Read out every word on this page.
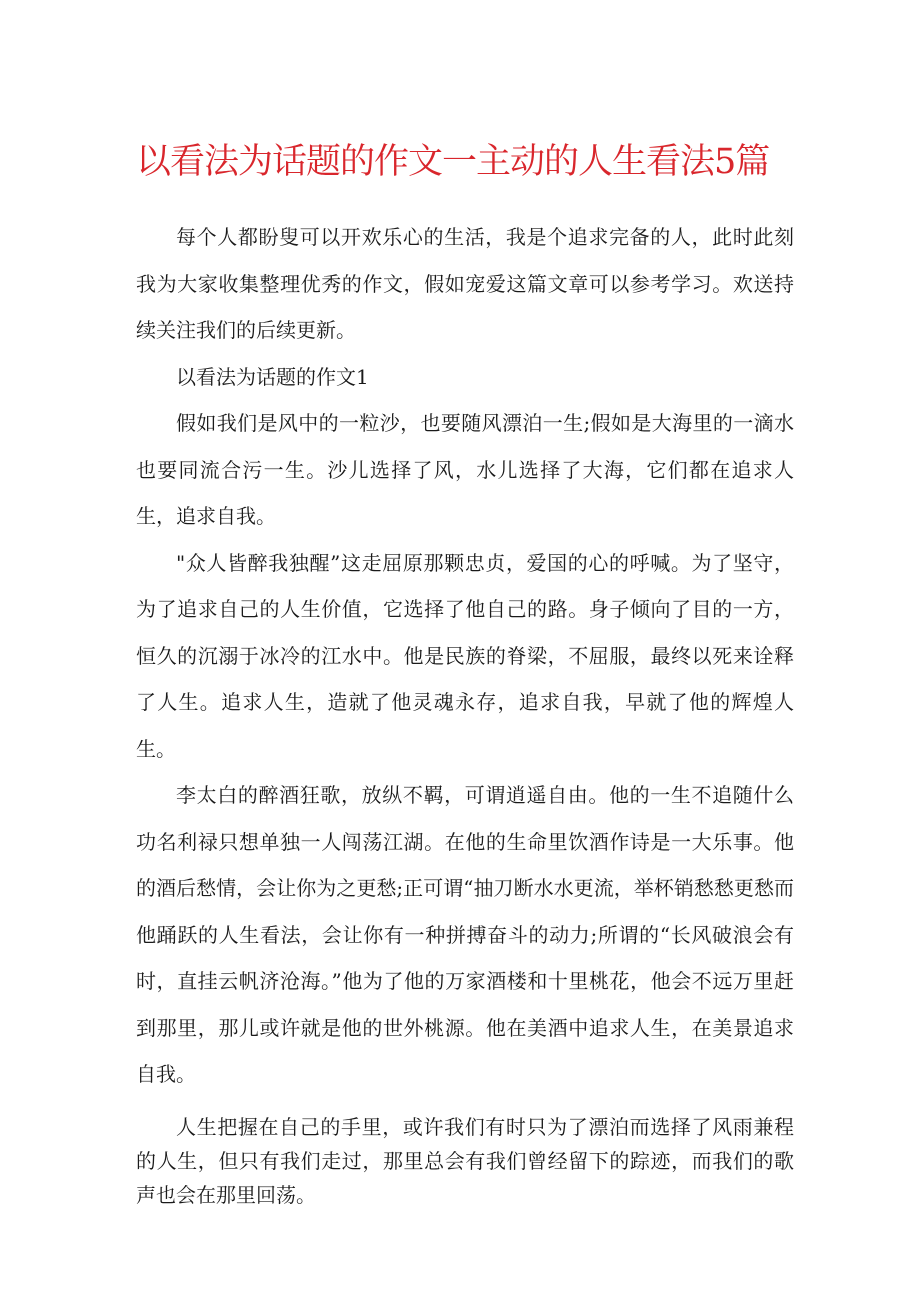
以看法为话题的作文一主动的人生看法5篇

每个人都盼叟可以开欢乐心的生活，我是个追求完备的人，此时此刻我为大家收集整理优秀的作文，假如宠爱这篇文章可以参考学习。欢送持续关注我们的后续更新。

以看法为话题的作文1

假如我们是风中的一粒沙，也要随风漂泊一生;假如是大海里的一滴水也要同流合污一生。沙儿选择了风，水儿选择了大海，它们都在追求人生，追求自我。

"众人皆醉我独醒”这走屈原那颗忠贞，爱国的心的呼喊。为了坚守，为了追求自己的人生价值，它选择了他自己的路。身子倾向了目的一方，恒久的沉溺于冰冷的江水中。他是民族的脊梁，不屈服，最终以死来诠释了人生。追求人生，造就了他灵魂永存，追求自我，早就了他的辉煌人生。

李太白的醉酒狂歌，放纵不羁，可谓逍遥自由。他的一生不追随什么功名利禄只想单独一人闯荡江湖。在他的生命里饮酒作诗是一大乐事。他的酒后愁情，会让你为之更愁;正可谓“抽刀断水水更流，举杯销愁愁更愁而他踊跃的人生看法，会让你有一种拼搏奋斗的动力;所谓的“长风破浪会有时，直挂云帆济沧海。”他为了他的万家酒楼和十里桃花，他会不远万里赶到那里，那儿或许就是他的世外桃源。他在美酒中追求人生，在美景追求自我。

人生把握在自己的手里，或许我们有时只为了漂泊而选择了风雨兼程的人生，但只有我们走过，那里总会有我们曾经留下的踪迹，而我们的歌声也会在那里回荡。
